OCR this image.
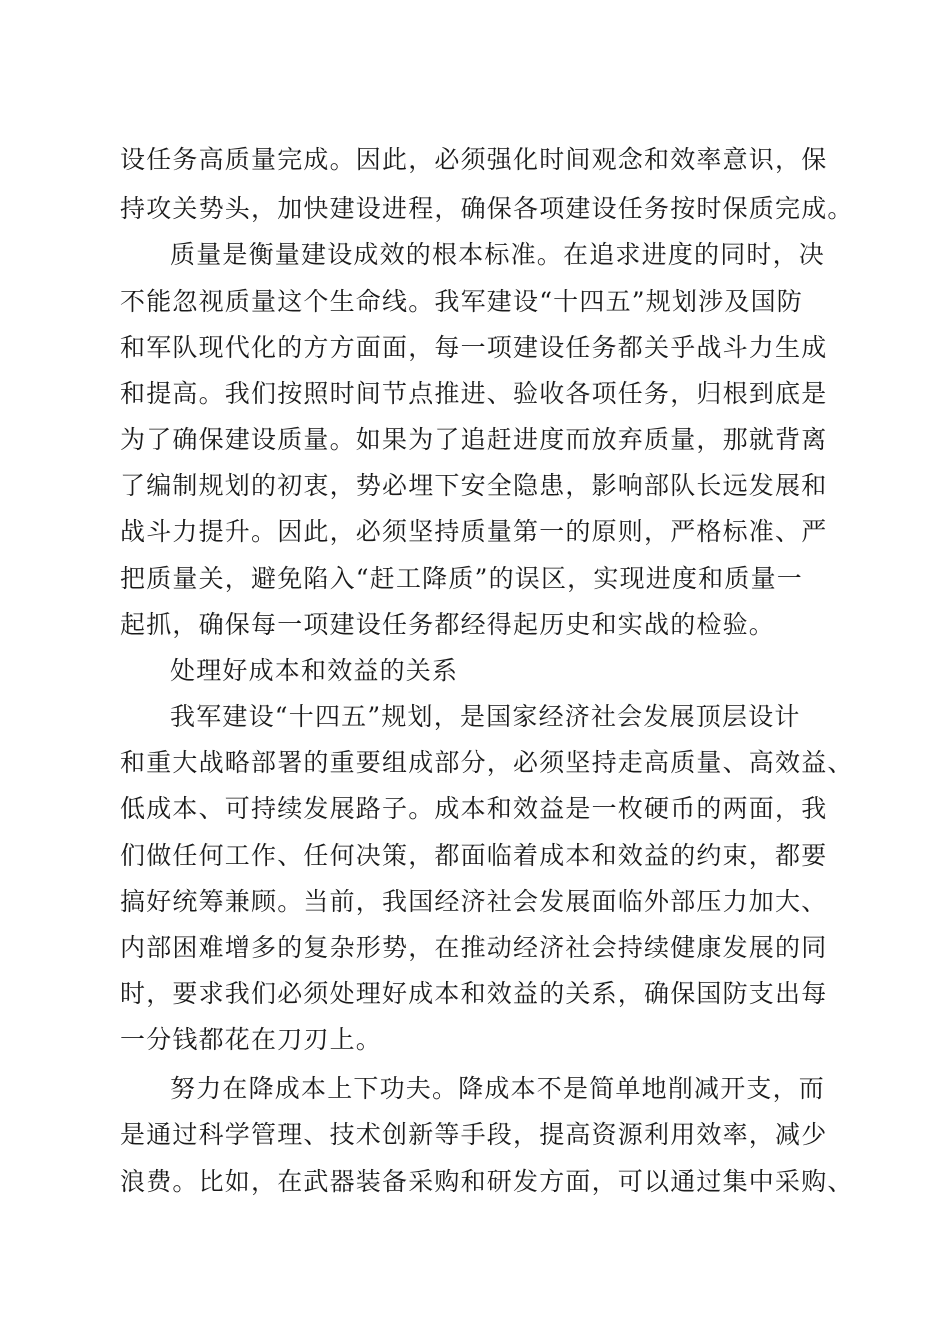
设任务高质量完成。因此，必须强化时间观念和效率意识，保
持攻关势头，加快建设进程，确保各项建设任务按时保质完成。
质量是衡量建设成效的根本标准。在追求进度的同时，决
不能忽视质量这个生命线。我军建设“十四五”规划涉及国防
和军队现代化的方方面面，每一项建设任务都关乎战斗力生成
和提高。我们按照时间节点推进、验收各项任务，归根到底是
为了确保建设质量。如果为了追赶进度而放弃质量，那就背离
了编制规划的初衷，势必埋下安全隐患，影响部队长远发展和
战斗力提升。因此，必须坚持质量第一的原则，严格标准、严
把质量关，避免陷入“赶工降质”的误区，实现进度和质量一
起抓，确保每一项建设任务都经得起历史和实战的检验。
处理好成本和效益的关系
我军建设“十四五”规划，是国家经济社会发展顶层设计
和重大战略部署的重要组成部分，必须坚持走高质量、高效益、
低成本、可持续发展路子。成本和效益是一枚硬币的两面，我
们做任何工作、任何决策，都面临着成本和效益的约束，都要
搞好统筹兼顾。当前，我国经济社会发展面临外部压力加大、
内部困难增多的复杂形势，在推动经济社会持续健康发展的同
时，要求我们必须处理好成本和效益的关系，确保国防支出每
一分钱都花在刀刃上。
努力在降成本上下功夫。降成本不是简单地削减开支，而
是通过科学管理、技术创新等手段，提高资源利用效率，减少
浪费。比如，在武器装备采购和研发方面，可以通过集中采购、
